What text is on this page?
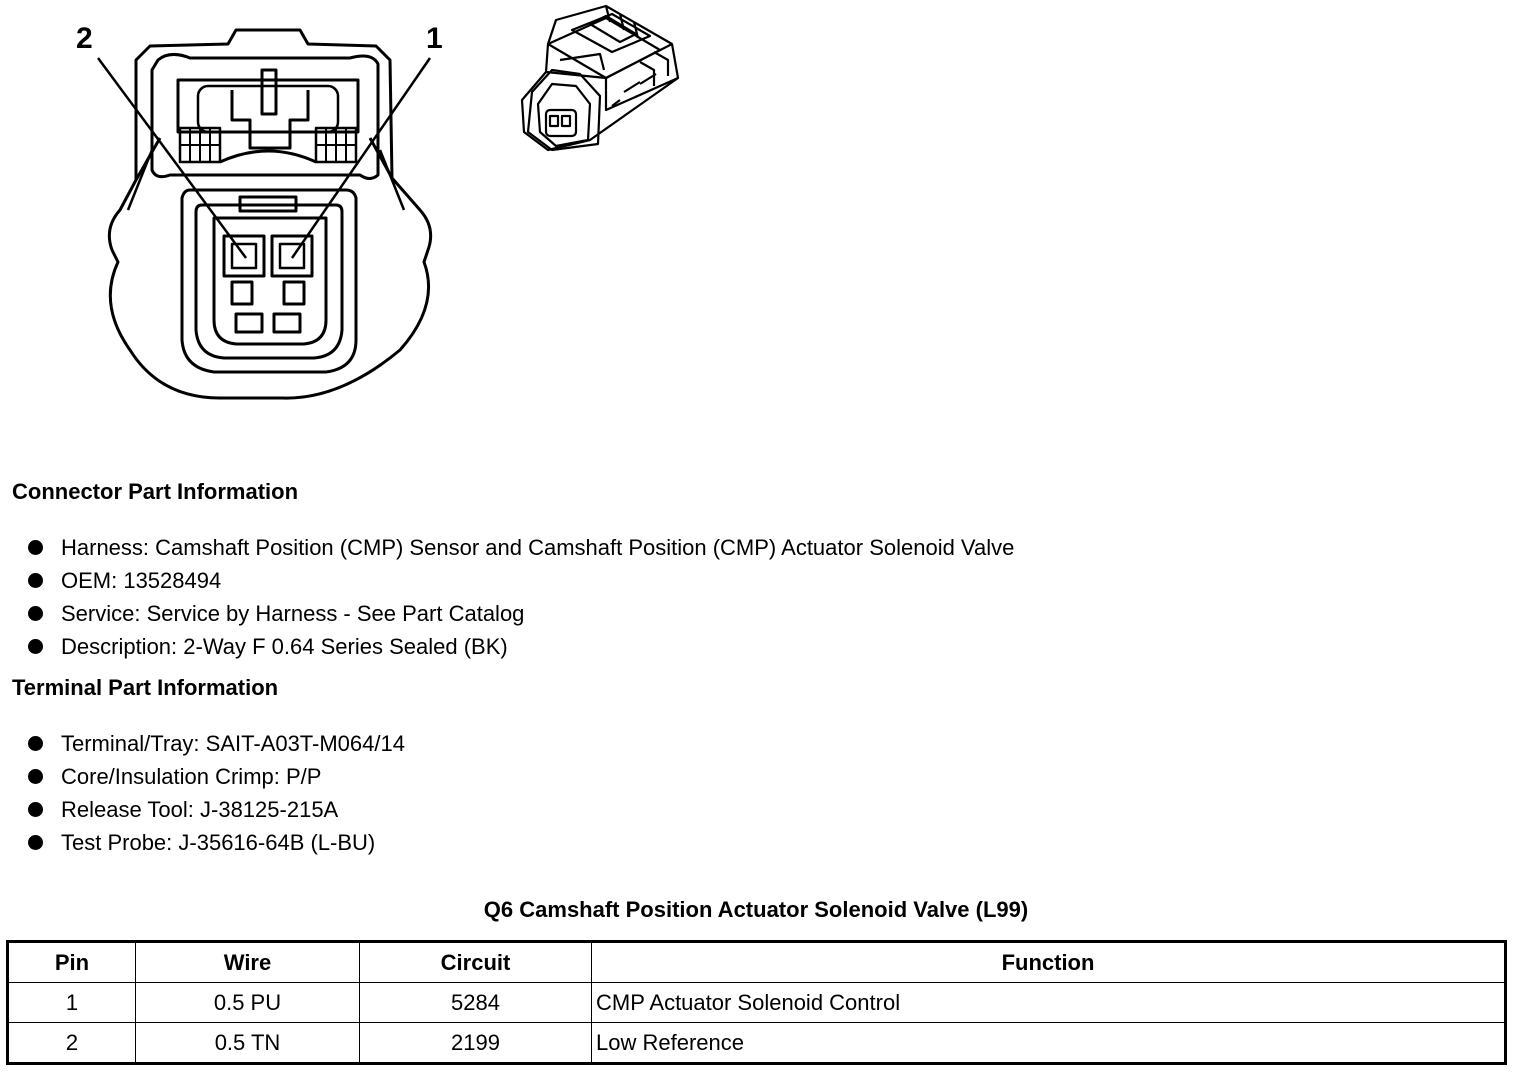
2	1
Connector Part Information
Harness: Camshaft Position (CMP) Sensor and Camshaft Position (CMP) Actuator Solenoid Valve
OEM: 13528494
Service: Service by Harness - See Part Catalog
Description: 2-Way F 0.64 Series Sealed (BK)
Terminal Part Information
Terminal/Tray: SAIT-A03T-M064/14
Core/Insulation Crimp: P/P
Release Tool: J-38125-215A
Test Probe: J-35616-64B (L-BU)
Q6 Camshaft Position Actuator Solenoid Valve (L99)
Pin	Wire	Circuit	Function
1	0.5 PU	5284	CMP Actuator Solenoid Control
2	0.5 TN	2199	Low Reference
